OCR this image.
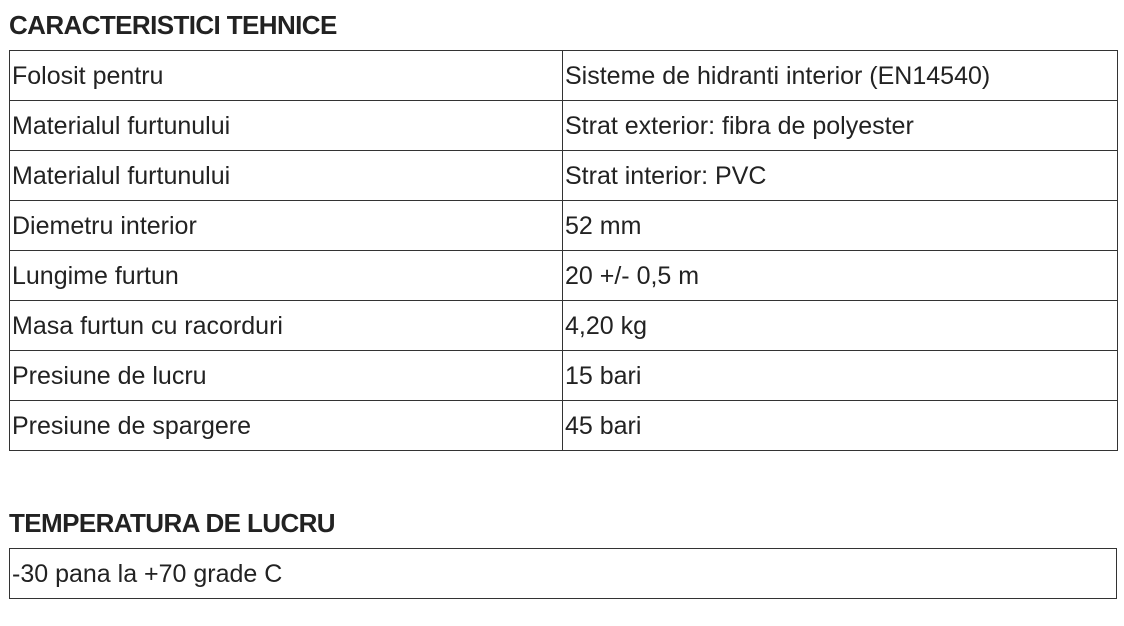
CARACTERISTICI TEHNICE
Folosit pentru	Sisteme de hidranti interior (EN14540)
Materialul furtunului	Strat exterior: fibra de polyester
Materialul furtunului	Strat interior: PVC
Diemetru interior	52 mm
Lungime furtun	20 +/- 0,5 m
Masa furtun cu racorduri	4,20 kg
Presiune de lucru	15 bari
Presiune de spargere	45 bari
TEMPERATURA DE LUCRU
-30 pana la +70 grade C
